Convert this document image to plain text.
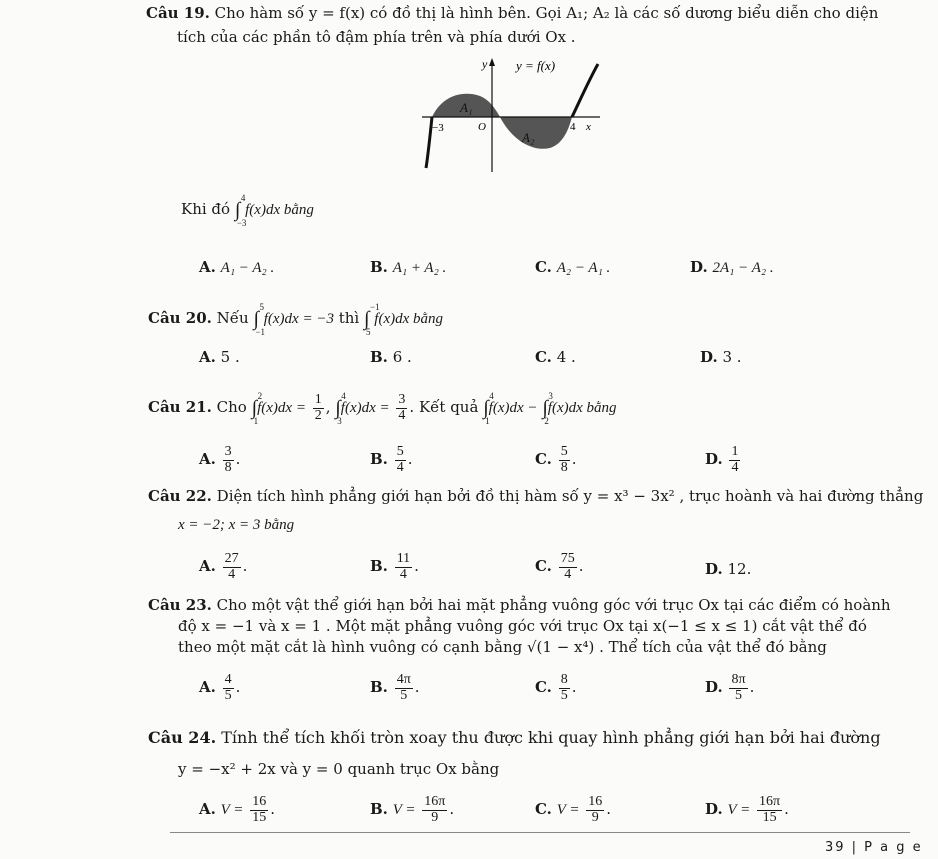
Câu 19. Cho hàm số y = f(x) có đồ thị là hình bên. Gọi A₁; A₂ là các số dương biểu diễn cho diện
tích của các phần tô đậm phía trên và phía dưới Ox .
y y = f(x)
x
−3	O	4
A₁
A₂
Khi đó ∫
4
−3
f(x)dx bằng
A. A₁ − A₂ .	B. A₁ + A₂ .	C. A₂ − A₁ .	D. 2A₁ − A₂ .
Câu 20. Nếu ∫
5
−1
f(x)dx = −3 thì ∫
−1
5
f(x)dx bằng
A. 5 .	B. 6 .	C. 4 .	D. 3 .
Câu 21. Cho ∫
2
1
$f(x)dx = \frac{1}{2}$ , ∫
4
3
$f(x)dx = \frac{3}{4}$ . Kết quả ∫
4
1
f(x)dx − ∫
3
2
f(x)dx bằng
A. $\frac{3}{8}$ .	B. $\frac{5}{4}$ .	C. $\frac{5}{8}$ .	D. $\frac{1}{4}$
Câu 22. Diện tích hình phẳng giới hạn bởi đồ thị hàm số y = x³ − 3x² , trục hoành và hai đường thẳng
x = −2; x = 3 bằng
A. $\frac{27}{4}$ .	B. $\frac{11}{4}$ .	C. $\frac{75}{4}$ .	D. 12.
Câu 23. Cho một vật thể giới hạn bởi hai mặt phẳng vuông góc với trục Ox tại các điểm có hoành
độ x = −1 và x = 1 . Một mặt phẳng vuông góc với trục Ox tại x(−1 ≤ x ≤ 1) cắt vật thể đó
theo một mặt cắt là hình vuông có cạnh bằng √(1 − x⁴) . Thể tích của vật thể đó bằng
A. $\frac{4}{5}$ .	B. $\frac{4\pi}{5}$ .	C. $\frac{8}{5}$ .	D. $\frac{8\pi}{5}$ .
Câu 24. Tính thể tích khối tròn xoay thu được khi quay hình phẳng giới hạn bởi hai đường
y = −x² + 2x và y = 0 quanh trục Ox bằng
A. $V = \frac{16}{15}$ .	B. $V = \frac{16\pi}{9}$ .	C. $V = \frac{16}{9}$ .	D. $V = \frac{16\pi}{15}$ .
39 | P a g e
